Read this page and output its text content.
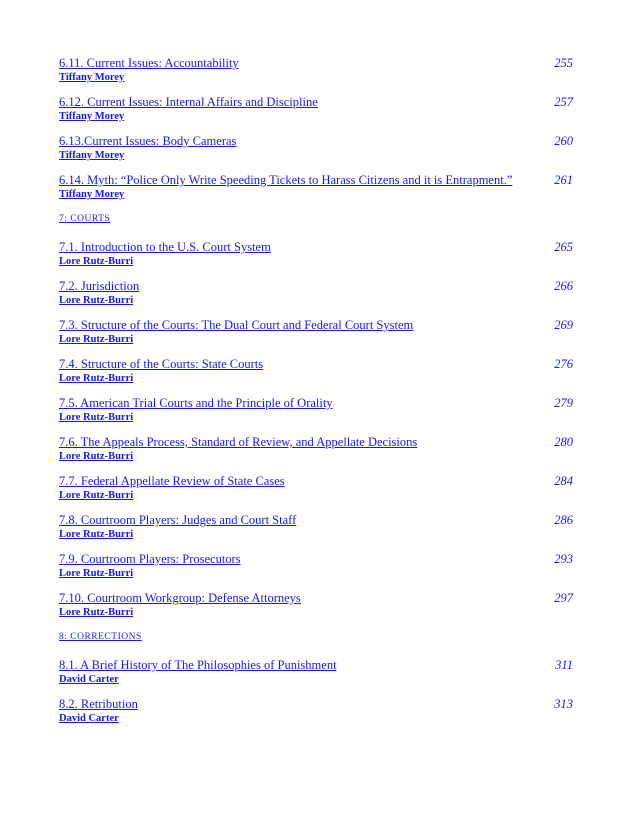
6.11. Current Issues: Accountability
Tiffany Morey
255
6.12. Current Issues: Internal Affairs and Discipline
Tiffany Morey
257
6.13.Current Issues: Body Cameras
Tiffany Morey
260
6.14. Myth: “Police Only Write Speeding Tickets to Harass Citizens and it is Entrapment.”
Tiffany Morey
261
7: COURTS
7.1. Introduction to the U.S. Court System
Lore Rutz-Burri
265
7.2. Jurisdiction
Lore Rutz-Burri
266
7.3. Structure of the Courts: The Dual Court and Federal Court System
Lore Rutz-Burri
269
7.4. Structure of the Courts: State Courts
Lore Rutz-Burri
276
7.5. American Trial Courts and the Principle of Orality
Lore Rutz-Burri
279
7.6. The Appeals Process, Standard of Review, and Appellate Decisions
Lore Rutz-Burri
280
7.7. Federal Appellate Review of State Cases
Lore Rutz-Burri
284
7.8. Courtroom Players: Judges and Court Staff
Lore Rutz-Burri
286
7.9. Courtroom Players: Prosecutors
Lore Rutz-Burri
293
7.10. Courtroom Workgroup: Defense Attorneys
Lore Rutz-Burri
297
8: CORRECTIONS
8.1. A Brief History of The Philosophies of Punishment
David Carter
311
8.2. Retribution
David Carter
313
